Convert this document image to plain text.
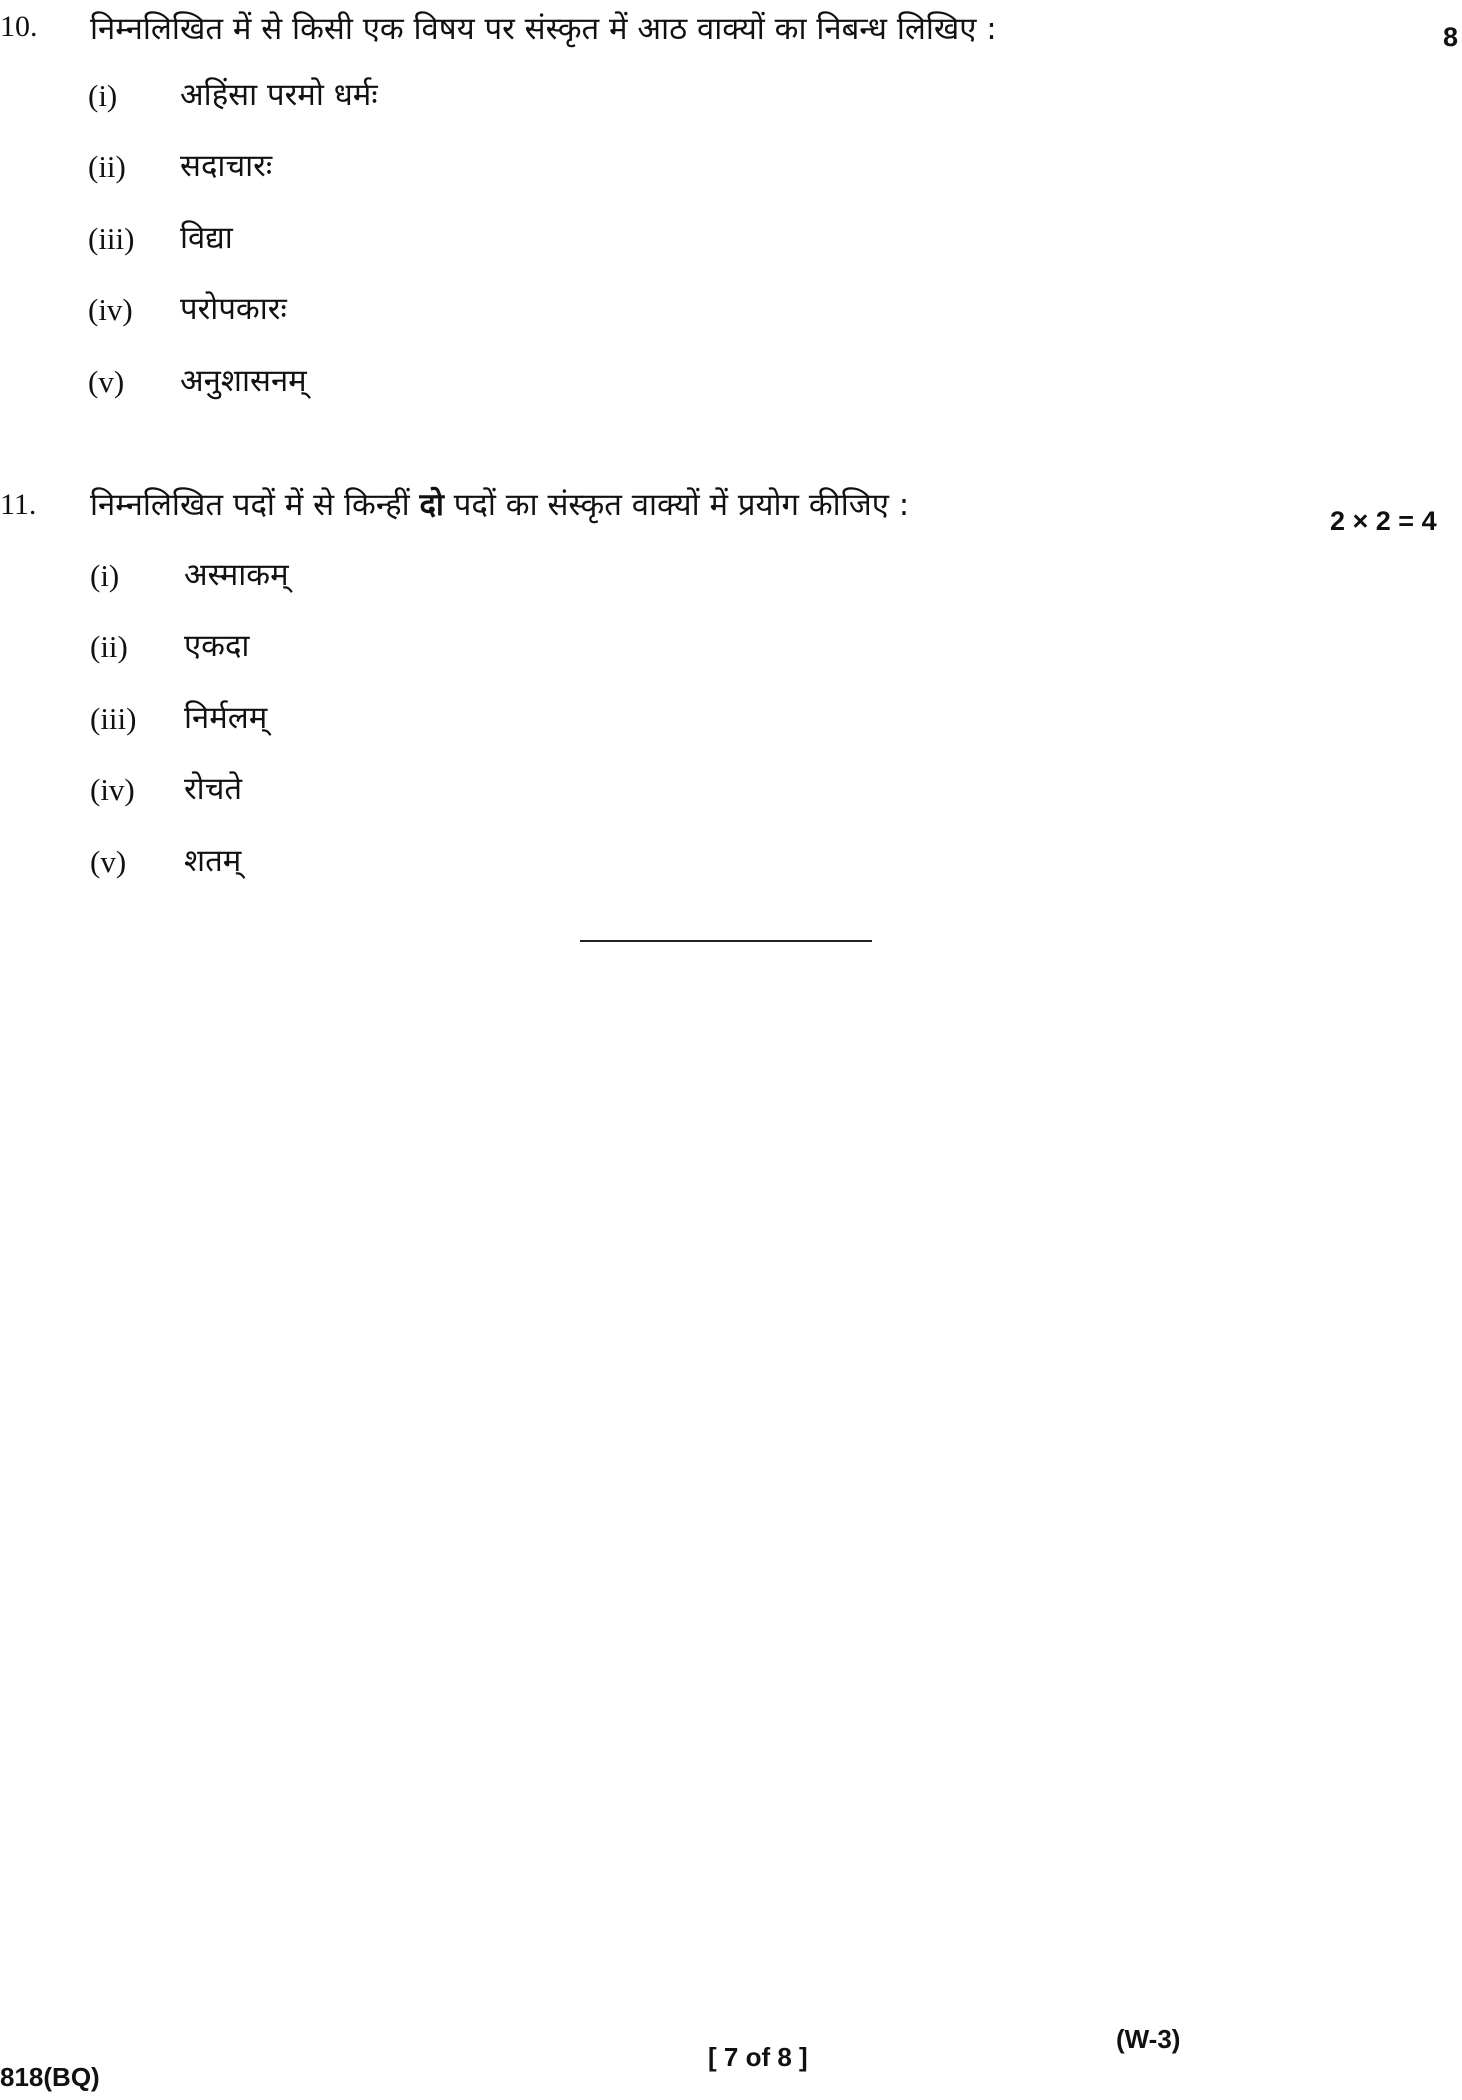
10. निम्नलिखित में से किसी एक विषय पर संस्कृत में आठ वाक्यों का निबन्ध लिखिए :	8
(i) अहिंसा परमो धर्मः
(ii) सदाचारः
(iii) विद्या
(iv) परोपकारः
(v) अनुशासनम्
11. निम्नलिखित पदों में से किन्हीं दो पदों का संस्कृत वाक्यों में प्रयोग कीजिए :	2 × 2 = 4
(i) अस्माकम्
(ii) एकदा
(iii) निर्मलम्
(iv) रोचते
(v) शतम्
818(BQ)
[ 7 of 8 ]
(W-3)
